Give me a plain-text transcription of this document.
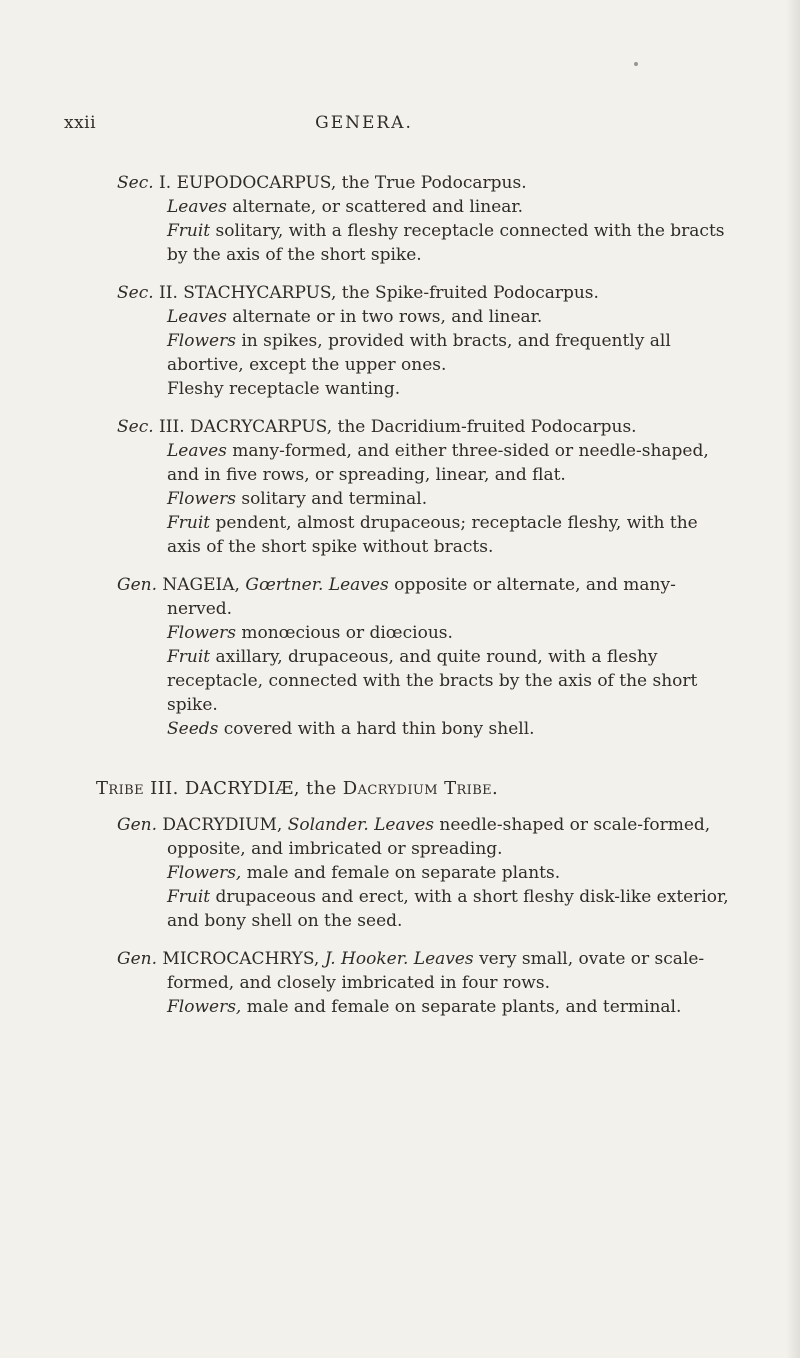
xxii	GENERA.

Sec. I. EUPODOCARPUS, the True Podocarpus.

Leaves alternate, or scattered and linear.

Fruit solitary, with a fleshy receptacle connected with the bracts by the axis of the short spike.

Sec. II. STACHYCARPUS, the Spike-fruited Podocarpus.

Leaves alternate or in two rows, and linear.

Flowers in spikes, provided with bracts, and frequently all abortive, except the upper ones.

Fleshy receptacle wanting.

Sec. III. DACRYCARPUS, the Dacridium-fruited Podocarpus.

Leaves many-formed, and either three-sided or needle-shaped, and in five rows, or spreading, linear, and flat.

Flowers solitary and terminal.

Fruit pendent, almost drupaceous; receptacle fleshy, with the axis of the short spike without bracts.

Gen. NAGEIA, Gœrtner. Leaves opposite or alternate, and many-nerved.

Flowers monœcious or diœcious.

Fruit axillary, drupaceous, and quite round, with a fleshy receptacle, connected with the bracts by the axis of the short spike.

Seeds covered with a hard thin bony shell.

Tribe III. DACRYDIÆ, the Dacrydium Tribe.

Gen. DACRYDIUM, Solander. Leaves needle-shaped or scale-formed, opposite, and imbricated or spreading.

Flowers, male and female on separate plants.

Fruit drupaceous and erect, with a short fleshy disk-like exterior, and bony shell on the seed.

Gen. MICROCACHRYS, J. Hooker. Leaves very small, ovate or scale-formed, and closely imbricated in four rows.

Flowers, male and female on separate plants, and terminal.
